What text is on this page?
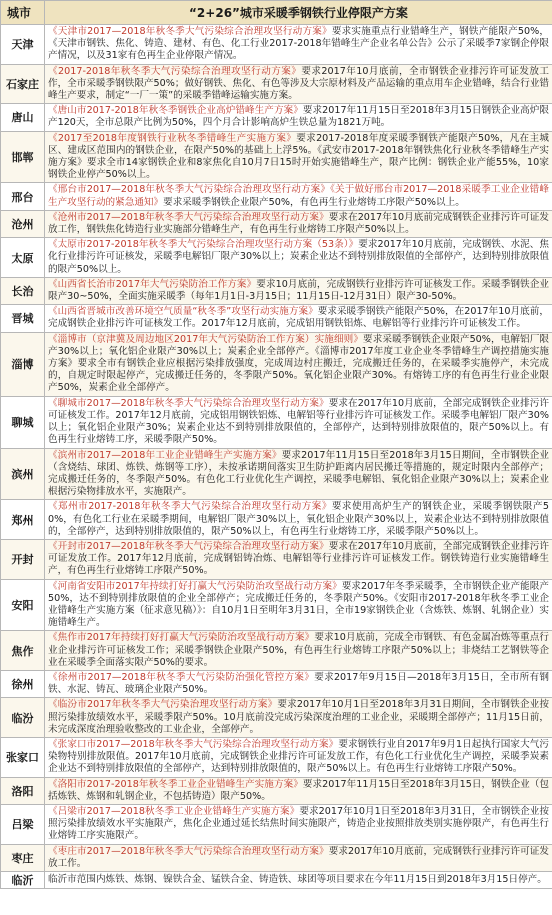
城市	“2+26”城市采暖季钢铁行业停限产方案
天津	《天津市2017—2018年秋冬季大气污染综合治理攻坚行动方案》要求实施重点行业错峰生产，钢铁产能限产50%，《天津市钢铁、焦化、铸造、建材、有色、化工行业2017-2018年错峰生产企业名单公告》公示了采暖季7家钢企停限产情况，以及31家有色再生企业停限产情况。
石家庄	《2017-2018年秋冬季大气污染综合治理攻坚行动方案》要求2017年10月底前，全市钢铁企业排污许可证发放工作，全市采暖季钢铁限产50%；做好钢铁、焦化、有色等涉及大宗原材料及产品运输的重点用车企业错峰，结合行业错峰生产要求，制定“一厂一策”的采暖季错峰运输实施方案。
唐山	《唐山市2017-2018年秋冬季钢铁企业高炉错峰生产方案》要求2017年11月15日至2018年3月15日钢铁企业高炉限产120天，全市总限产比例为50%，四个月合计影响高炉生铁总量为1821万吨。
邯郸	《2017至2018年度钢铁行业秋冬季错峰生产实施方案》要求2017-2018年度采暖季钢铁产能限产50%，凡在主城区、建成区范围内的钢铁企业，在限产50%的基础上上浮5%。《武安市2017-2018年钢铁焦化行业秋冬季错峰生产实施方案》要求全市14家钢铁企业和8家焦化自10月7日15时开始实施错峰生产，限产比例：钢铁企业产能55%，10家钢铁企业停产50%以上。
邢台	《邢台市2017—2018年秋冬季大气污染综合治理攻坚行动方案》《关于做好邢台市2017—2018采暖季工业企业错峰生产攻坚行动的紧急通知》要求采暖季钢铁企业限产50%，有色再生行业熔铸工序限产50%以上。
沧州	《沧州市2017—2018年秋冬季大气污染综合治理攻坚行动方案》要求在2017年10月底前完成钢铁企业排污许可证发放工作，钢铁焦化铸造行业实施部分错峰生产，有色再生行业熔铸工序限产50%以上。
太原	《太原市2017-2018年秋冬季大气污染综合治理攻坚行动方案（53条）》要求2017年10月底前，完成钢铁、水泥、焦化行业排污许可证核发，采暖季电解铝厂限产30%以上；炭素企业达不到特别排放限值的全部停产，达到特别排放限值的限产50%以上。
长治	《山西省长治市2017年大气污染防治工作方案》要求10月底前，完成钢铁行业排污许可证核发工作。采暖季钢铁企业限产30~50%，全面实施采暖季（每年1月1日-3月15日；11月15日-12月31日）限产30-50%。
晋城	《山西省晋城市改善环境空气质量“秋冬季”攻坚行动实施方案》要求采暖季钢铁产能限产50%，在2017年10月底前，完成钢铁企业排污许可证核发工作。2017年12月底前，完成铝用钢铁铝炼、电解铝等行业排污许可证核发工作。
淄博	《淄博市（京津冀及周边地区2017年大气污染防治工作方案）实施细则》要求采暖季钢铁企业限产50%，电解铝厂限产30%以上；氧化铝企业限产30%以上；炭素企业全部停产。《淄博市2017年度工业企业冬季错峰生产调控措施实施方案》要求全市有钢铁企业应根据污染排放强度，完成周边村庄搬迁，完成搬迁任务的，在采暖季实施停产，未完成的，自规定时限起停产，完成搬迁任务的，冬季限产50%。氧化铝企业限产30%。有熔铸工序的有色再生行业企业限产50%，炭素企业全部停产。
聊城	《聊城市2017—2018年秋冬季大气污染综合治理攻坚行动方案》要求在2017年10月底前，全部完成钢铁企业排污许可证核发工作。2017年12月底前，完成铝用钢铁铝炼、电解铝等行业排污许可证核发工作。采暖季电解铝厂限产30%以上；氧化铝企业限产30%；炭素企业达不到特别排放限值的，全部停产，达到特别排放限值的，限产50%以上。有色再生行业熔铸工序，采暖季限产50%。
滨州	《滨州市2017—2018年工业企业错峰生产实施方案》要求2017年11月15日至2018年3月15日期间，全市钢铁企业（含烧结、球团、炼铁、炼钢等工序），未按承诺期间落实卫生防护距离内居民搬迁等措施的，规定时限内全部停产；完成搬迁任务的，冬季限产50%。有色化工行业优化生产调控，采暖季电解铝、氧化铝企业限产30%以上；炭素企业根据污染物排放水平，实施限产。
郑州	《郑州市2017-2018年秋冬季大气污染综合治理攻坚行动方案》要求使用高炉生产的钢铁企业，采暖季钢铁限产50%，有色化工行业在采暖季期间，电解铝厂限产30%以上，氧化铝企业限产30%以上，炭素企业达不到特别排放限值的，全部停产，达到特别排放限值的，限产50%以上，有色再生行业熔铸工序，采暖季限产50%以上。
开封	《开封市2017—2018年秋冬季大气污染综合治理攻坚行动方案》要求在2017年10月底前，全部完成钢铁企业排污许可证发放工作。2017年12月底前，完成钢铝铸冶炼、电解铝等行业排污许可证核发工作。钢铁铸造行业实施错峰生产，有色再生行业熔铸工序限产50%。
安阳	《河南省安阳市2017年持续打好打赢大气污染防治攻坚战行动方案》要求2017年冬季采暖季，全市钢铁企业产能限产50%，达不到特别排放限值的企业全部停产；完成搬迁任务的，冬季限产50%。《安阳市2017-2018年秋冬季工业企业错峰生产实施方案（征求意见稿）》：自10月1日至明年3月31日，全市19家钢铁企业（含炼铁、炼钢、轧钢企业）实施错峰生产。
焦作	《焦作市2017年持续打好打赢大气污染防治攻坚战行动方案》要求10月底前，完成全市钢铁、有色金属冶炼等重点行业企业排污许可证核发工作；采暖季钢铁企业限产50%，有色再生行业熔铸工序限产50%以上；非烧结工艺钢铁等企业在采暖季全面落实限产50%的要求。
徐州	《徐州市2017—2018年秋冬季大气污染防治强化管控方案》要求2017年9月15日—2018年3月15日，全市所有钢铁、水泥、铸瓦、玻璃企业限产50%。
临汾	《临汾市2017年秋冬季大气污染治理攻坚行动方案》要求2017年10月1日至2018年3月31日期间，全市钢铁企业按照污染排放绩效水平，采暖季限产50%。10月底前没完成污染深度治理的工业企业，采暖期全部停产；11月15日前，未完成深度治理验收整改的工业企业，全部停产。
张家口	《张家口市2017—2018年秋冬季大气污染综合治理攻坚行动方案》要求钢铁行业自2017年9月1日起执行国家大气污染物特别排放限值。2017年10月底前，完成钢铁企业排污许可证发放工作，有色化工行业优化生产调控，采暖季炭素企业达不到特别排放限值的全部停产，达到特别排放限值的，限产50%以上。有色再生行业熔铸工序限产50%。
洛阳	《洛阳市2017-2018年秋冬季工业企业错峰生产实施方案》要求2017年11月15日至2018年3月15日，钢铁企业（包括炼铁、炼钢和轧钢企业，不包括铸造）限产50%。
吕梁	《吕梁市2017—2018秋冬季工业企业错峰生产实施方案》要求2017年10月1日至2018年3月31日，全市钢铁企业按照污染排放绩效水平实施限产，焦化企业通过延长结焦时间实施限产，铸造企业按照排放类别实施停限产，有色再生行业熔铸工序实施限产。
枣庄	《枣庄市2017—2018年秋冬季大气污染综合治理攻坚行动方案》要求2017年10月底前，完成钢铁行业排污许可证发放工作。
临沂	临沂市范围内炼铁、炼钢、镍铁合金、锰铁合金、铸造铁、球团等项目要求在今年11月15日到2018年3月15日停产。
